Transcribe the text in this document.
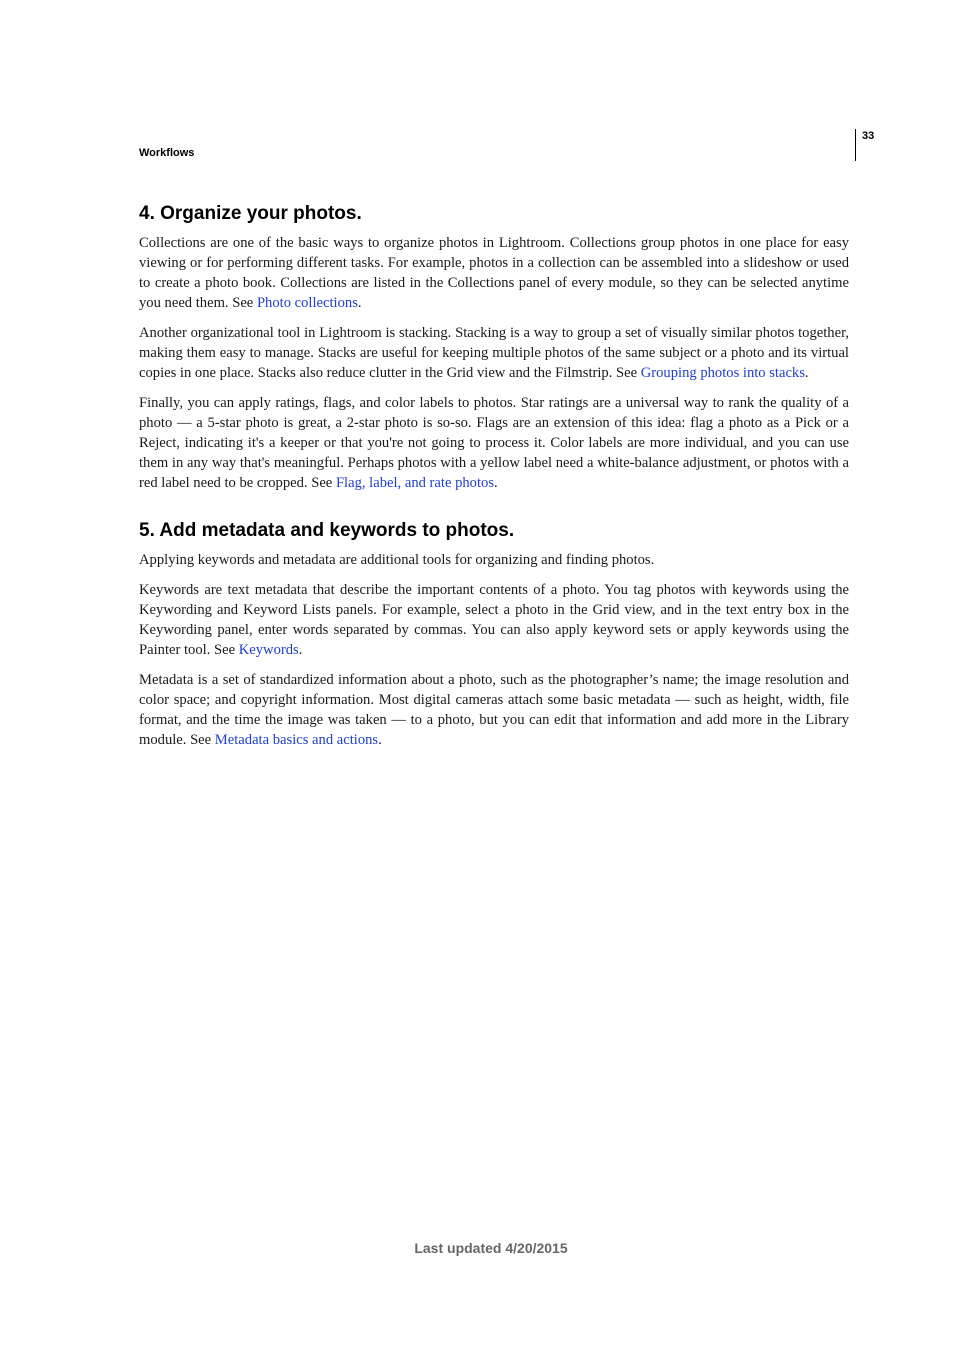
33
Workflows
4. Organize your photos.

Collections are one of the basic ways to organize photos in Lightroom. Collections group photos in one place for easy viewing or for performing different tasks. For example, photos in a collection can be assembled into a slideshow or used to create a photo book. Collections are listed in the Collections panel of every module, so they can be selected anytime you need them. See Photo collections.

Another organizational tool in Lightroom is stacking. Stacking is a way to group a set of visually similar photos together, making them easy to manage. Stacks are useful for keeping multiple photos of the same subject or a photo and its virtual copies in one place. Stacks also reduce clutter in the Grid view and the Filmstrip. See Grouping photos into stacks.

Finally, you can apply ratings, flags, and color labels to photos. Star ratings are a universal way to rank the quality of a photo — a 5-star photo is great, a 2-star photo is so-so. Flags are an extension of this idea: flag a photo as a Pick or a Reject, indicating it's a keeper or that you're not going to process it. Color labels are more individual, and you can use them in any way that's meaningful. Perhaps photos with a yellow label need a white-balance adjustment, or photos with a red label need to be cropped. See Flag, label, and rate photos.

5. Add metadata and keywords to photos.

Applying keywords and metadata are additional tools for organizing and finding photos.

Keywords are text metadata that describe the important contents of a photo. You tag photos with keywords using the Keywording and Keyword Lists panels. For example, select a photo in the Grid view, and in the text entry box in the Keywording panel, enter words separated by commas. You can also apply keyword sets or apply keywords using the Painter tool. See Keywords.

Metadata is a set of standardized information about a photo, such as the photographer’s name; the image resolution and color space; and copyright information. Most digital cameras attach some basic metadata — such as height, width, file format, and the time the image was taken — to a photo, but you can edit that information and add more in the Library module. See Metadata basics and actions.

Last updated 4/20/2015
